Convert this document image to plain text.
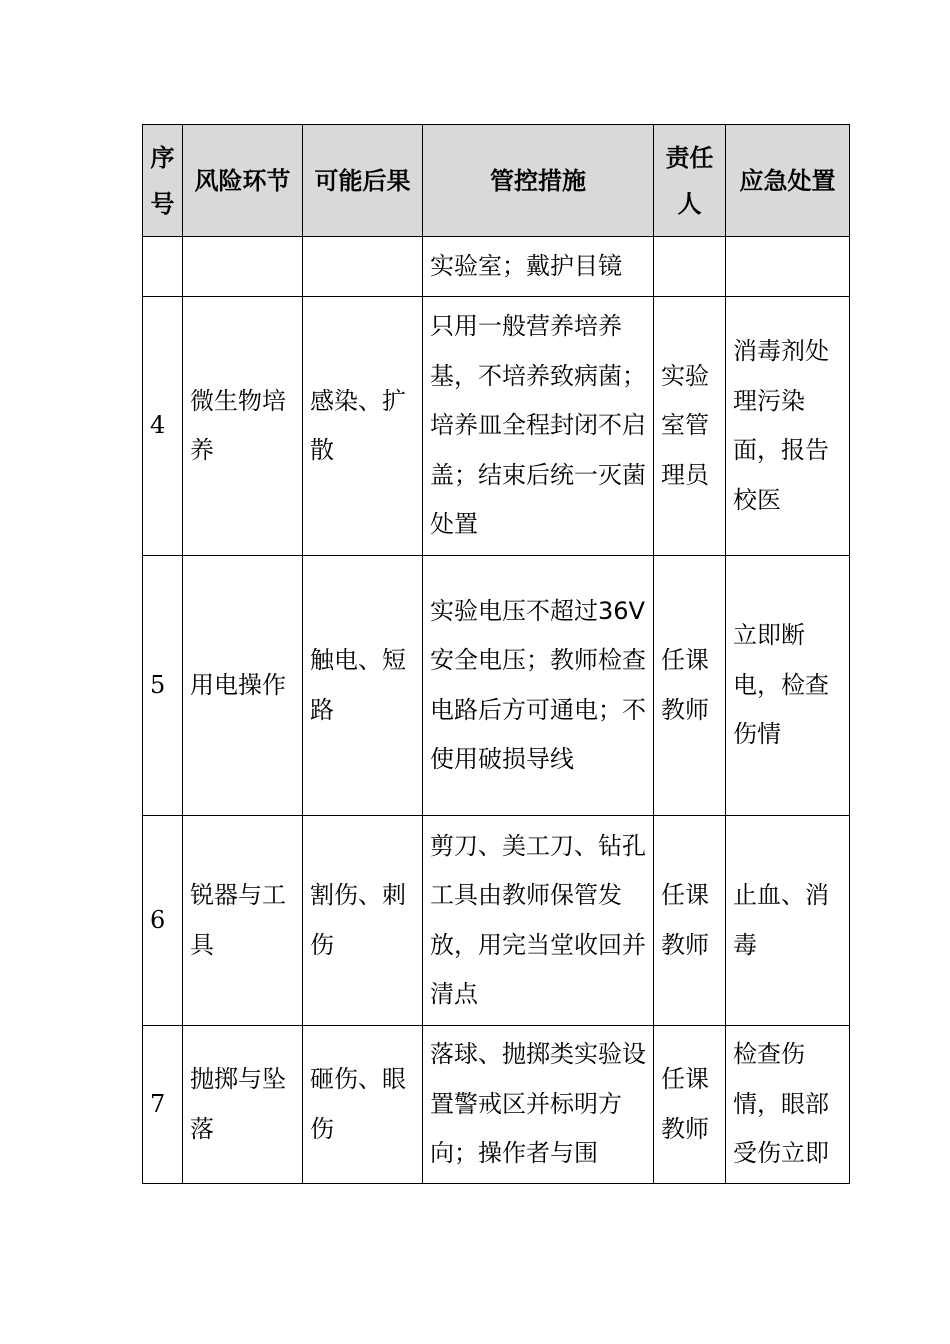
序号	风险环节	可能后果	管控措施	责任人	应急处置
			实验室；戴护目镜		
4	微生物培养	感染、扩散	只用一般营养培养基，不培养致病菌；培养皿全程封闭不启盖；结束后统一灭菌处置	实验室管理员	消毒剂处理污染面，报告校医
5	用电操作	触电、短路	实验电压不超过36V安全电压；教师检查电路后方可通电；不使用破损导线	任课教师	立即断电，检查伤情
6	锐器与工具	割伤、刺伤	剪刀、美工刀、钻孔工具由教师保管发放，用完当堂收回并清点	任课教师	止血、消毒
7	抛掷与坠落	砸伤、眼伤	落球、抛掷类实验设置警戒区并标明方向；操作者与围	任课教师	检查伤情，眼部受伤立即
